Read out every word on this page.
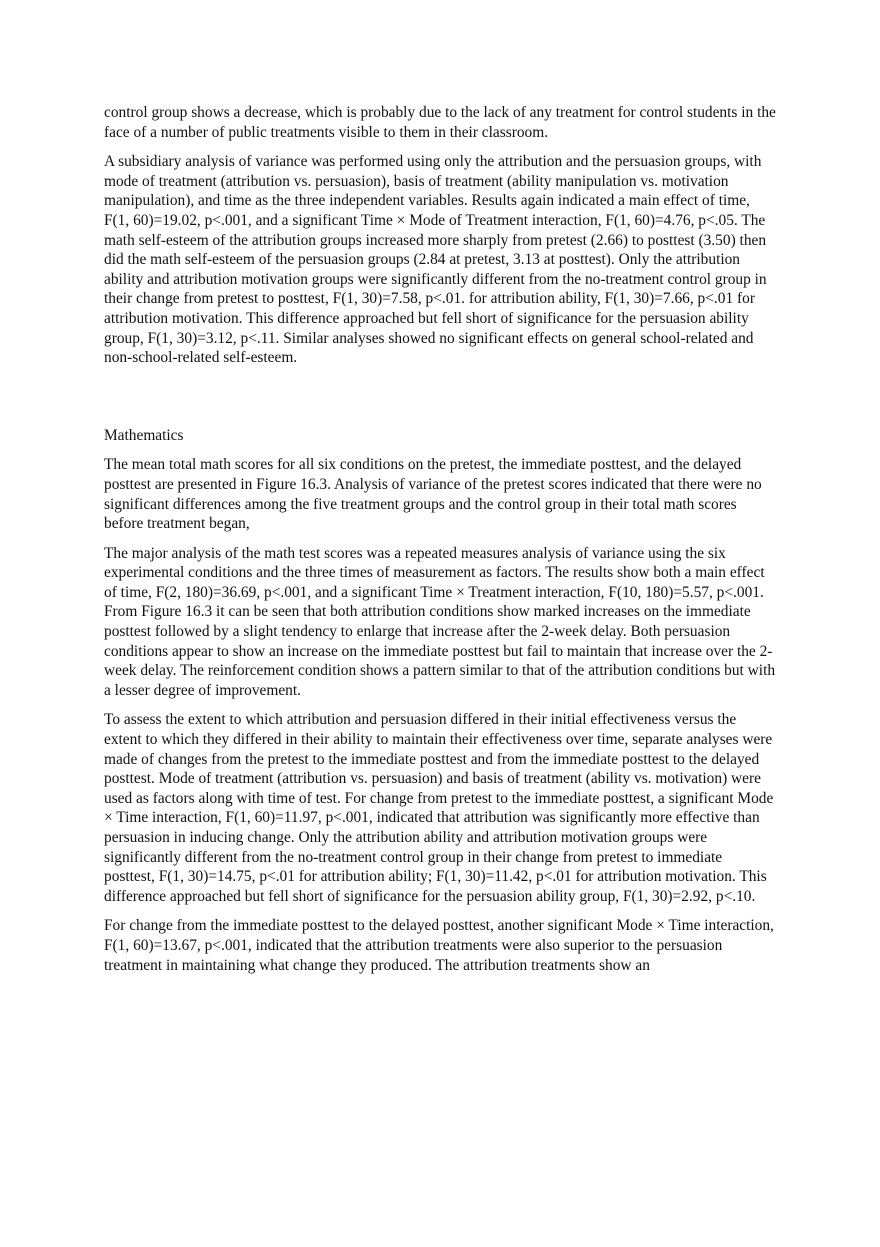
control group shows a decrease, which is probably due to the lack of any treatment for control students in the face of a number of public treatments visible to them in their classroom.

A subsidiary analysis of variance was performed using only the attribution and the persuasion groups, with mode of treatment (attribution vs. persuasion), basis of treatment (ability manipulation vs. motivation manipulation), and time as the three independent variables. Results again indicated a main effect of time, F(1, 60)=19.02, p<.001, and a significant Time × Mode of Treatment interaction, F(1, 60)=4.76, p<.05. The math self-esteem of the attribution groups increased more sharply from pretest (2.66) to posttest (3.50) then did the math self-esteem of the persuasion groups (2.84 at pretest, 3.13 at posttest). Only the attribution ability and attribution motivation groups were significantly different from the no-treatment control group in their change from pretest to posttest, F(1, 30)=7.58, p<.01. for attribution ability, F(1, 30)=7.66, p<.01 for attribution motivation. This difference approached but fell short of significance for the persuasion ability group, F(1, 30)=3.12, p<.11. Similar analyses showed no significant effects on general school-related and non-school-related self-esteem.

Mathematics

The mean total math scores for all six conditions on the pretest, the immediate posttest, and the delayed posttest are presented in Figure 16.3. Analysis of variance of the pretest scores indicated that there were no significant differences among the five treatment groups and the control group in their total math scores before treatment began,

The major analysis of the math test scores was a repeated measures analysis of variance using the six experimental conditions and the three times of measurement as factors. The results show both a main effect of time, F(2, 180)=36.69, p<.001, and a significant Time × Treatment interaction, F(10, 180)=5.57, p<.001. From Figure 16.3 it can be seen that both attribution conditions show marked increases on the immediate posttest followed by a slight tendency to enlarge that increase after the 2-week delay. Both persuasion conditions appear to show an increase on the immediate posttest but fail to maintain that increase over the 2-week delay. The reinforcement condition shows a pattern similar to that of the attribution conditions but with a lesser degree of improvement.

To assess the extent to which attribution and persuasion differed in their initial effectiveness versus the extent to which they differed in their ability to maintain their effectiveness over time, separate analyses were made of changes from the pretest to the immediate posttest and from the immediate posttest to the delayed posttest. Mode of treatment (attribution vs. persuasion) and basis of treatment (ability vs. motivation) were used as factors along with time of test. For change from pretest to the immediate posttest, a significant Mode × Time interaction, F(1, 60)=11.97, p<.001, indicated that attribution was significantly more effective than persuasion in inducing change. Only the attribution ability and attribution motivation groups were significantly different from the no-treatment control group in their change from pretest to immediate posttest, F(1, 30)=14.75, p<.01 for attribution ability; F(1, 30)=11.42, p<.01 for attribution motivation. This difference approached but fell short of significance for the persuasion ability group, F(1, 30)=2.92, p<.10.

For change from the immediate posttest to the delayed posttest, another significant Mode × Time interaction, F(1, 60)=13.67, p<.001, indicated that the attribution treatments were also superior to the persuasion treatment in maintaining what change they produced. The attribution treatments show an
